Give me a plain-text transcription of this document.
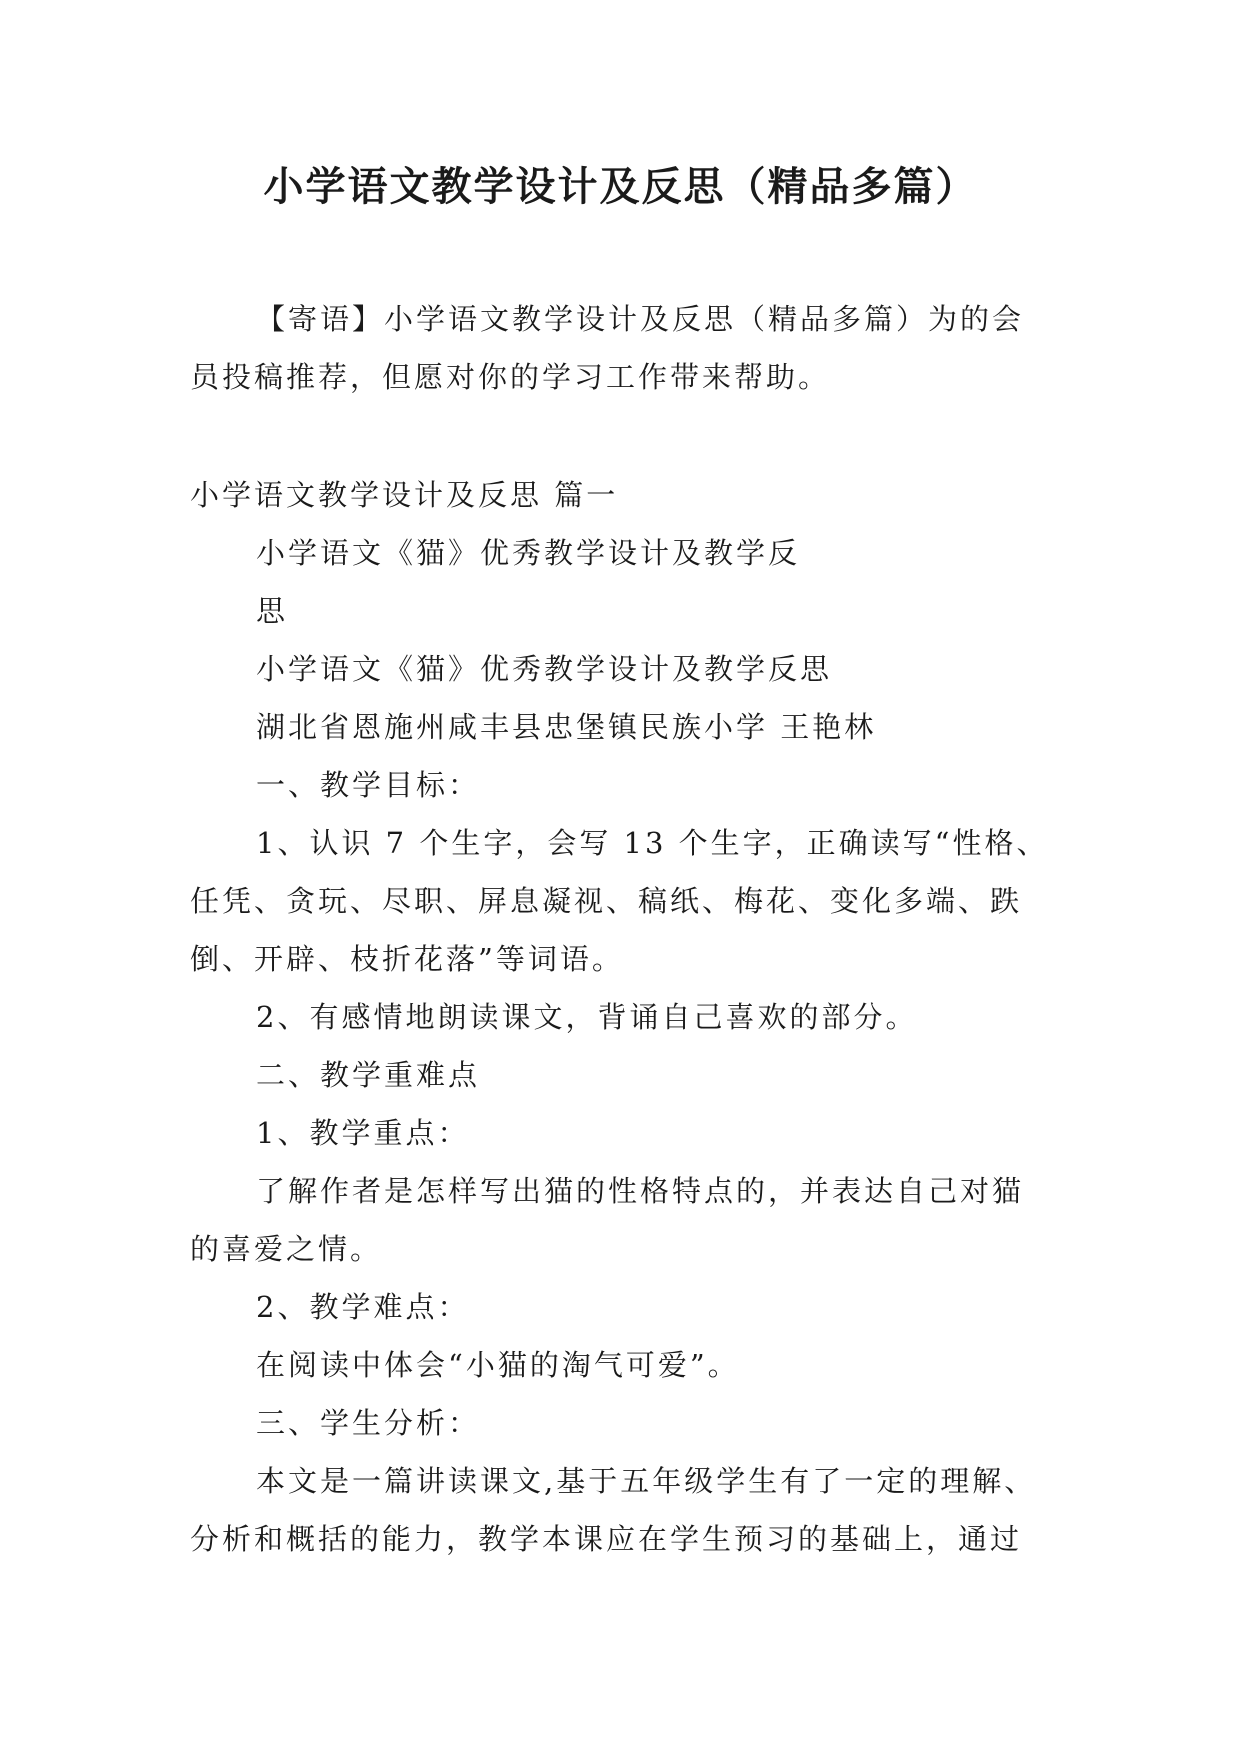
小学语文教学设计及反思（精品多篇）

【寄语】小学语文教学设计及反思（精品多篇）为的会员投稿推荐，但愿对你的学习工作带来帮助。

小学语文教学设计及反思 篇一

小学语文《猫》优秀教学设计及教学反

思

小学语文《猫》优秀教学设计及教学反思

湖北省恩施州咸丰县忠堡镇民族小学 王艳林

一、教学目标：

1、认识 7 个生字，会写 13 个生字，正确读写“性格、任凭、贪玩、尽职、屏息凝视、稿纸、梅花、变化多端、跌倒、开辟、枝折花落”等词语。

2、有感情地朗读课文，背诵自己喜欢的部分。

二、教学重难点

1、教学重点：

了解作者是怎样写出猫的性格特点的，并表达自己对猫的喜爱之情。

2、教学难点：

在阅读中体会“小猫的淘气可爱”。

三、学生分析：

本文是一篇讲读课文,基于五年级学生有了一定的理解、分析和概括的能力，教学本课应在学生预习的基础上，通过
